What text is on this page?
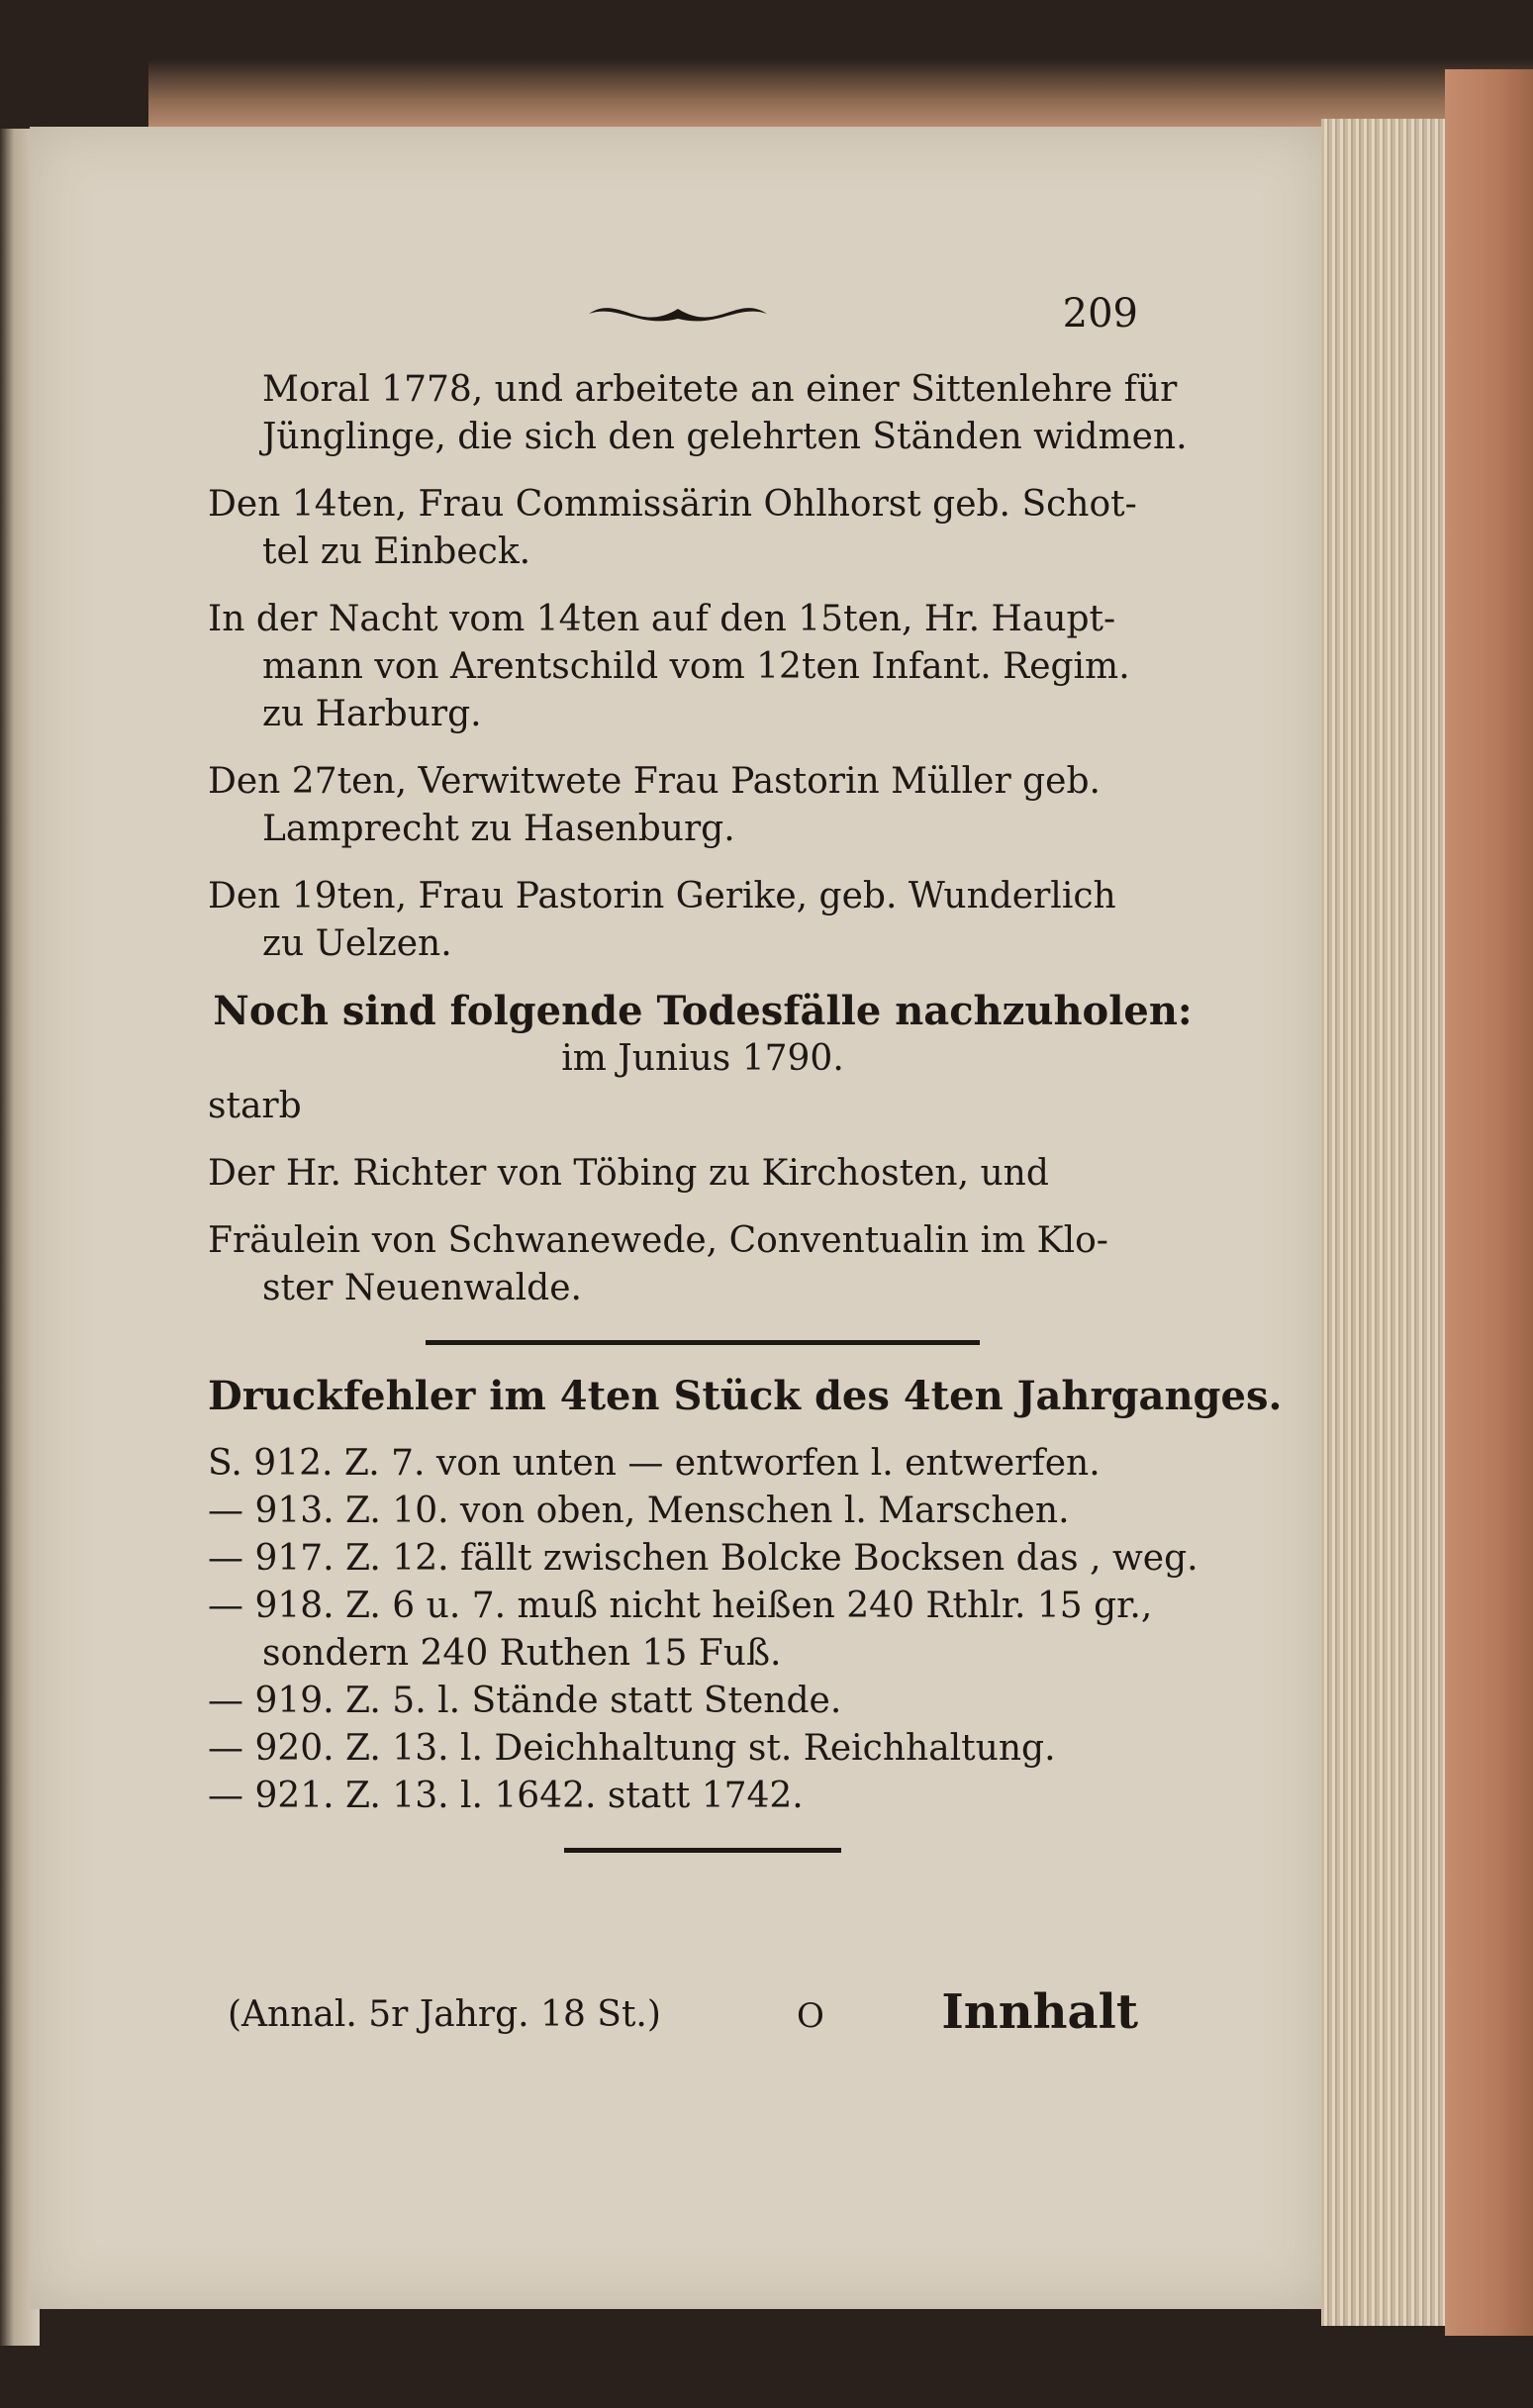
209
Moral 1778, und arbeitete an einer Sittenlehre für
Jünglinge, die sich den gelehrten Ständen widmen.
Den 14ten, Frau Commissärin Ohlhorst geb. Schot-
tel zu Einbeck.
In der Nacht vom 14ten auf den 15ten, Hr. Haupt-
mann von Arentschild vom 12ten Infant. Regim.
zu Harburg.
Den 27ten, Verwitwete Frau Pastorin Müller geb.
Lamprecht zu Hasenburg.
Den 19ten, Frau Pastorin Gerike, geb. Wunderlich
zu Uelzen.
Noch sind folgende Todesfälle nachzuholen:
im Junius 1790.
starb
Der Hr. Richter von Töbing zu Kirchosten, und
Fräulein von Schwanewede, Conventualin im Klo-
ster Neuenwalde.
Druckfehler im 4ten Stück des 4ten Jahrganges.
S. 912. Z. 7. von unten — entworfen l. entwerfen.
— 913. Z. 10. von oben, Menschen l. Marschen.
— 917. Z. 12. fällt zwischen Bolcke Bocksen das , weg.
— 918. Z. 6 u. 7. muß nicht heißen 240 Rthlr. 15 gr.,
sondern 240 Ruthen 15 Fuß.
— 919. Z. 5. l. Stände statt Stende.
— 920. Z. 13. l. Deichhaltung st. Reichhaltung.
— 921. Z. 13. l. 1642. statt 1742.
(Annal. 5r Jahrg. 18 St.)	O Innhalt
